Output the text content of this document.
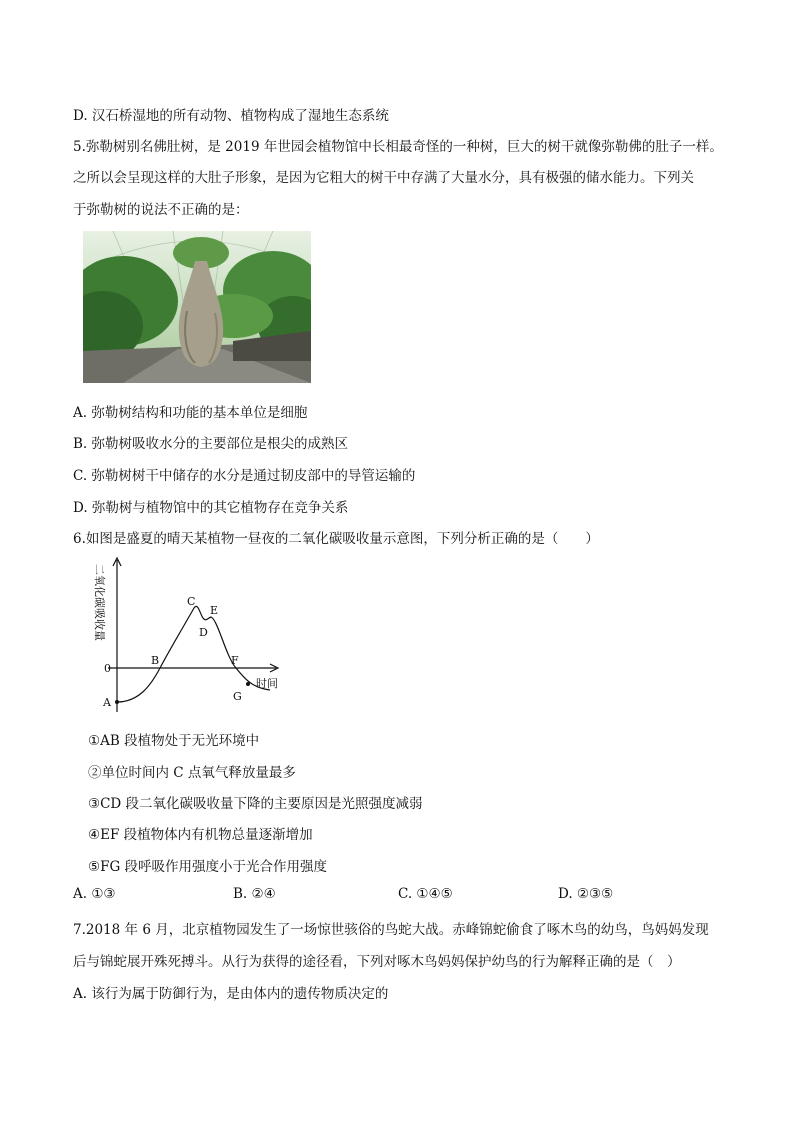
D. 汉石桥湿地的所有动物、植物构成了湿地生态系统
5.弥勒树别名佛肚树，是 2019 年世园会植物馆中长相最奇怪的一种树，巨大的树干就像弥勒佛的肚子一样。
之所以会呈现这样的大肚子形象，是因为它粗大的树干中存满了大量水分，具有极强的储水能力。下列关
于弥勒树的说法不正确的是：
A. 弥勒树结构和功能的基本单位是细胞
B. 弥勒树吸收水分的主要部位是根尖的成熟区
C. 弥勒树树干中储存的水分是通过韧皮部中的导管运输的
D. 弥勒树与植物馆中的其它植物存在竞争关系
6.如图是盛夏的晴天某植物一昼夜的二氧化碳吸收量示意图，下列分析正确的是（　　）
二氧化碳吸收量
时间
0
A
B
C
D
E
F
G
①AB 段植物处于无光环境中
②单位时间内 C 点氧气释放量最多
③CD 段二氧化碳吸收量下降的主要原因是光照强度减弱
④EF 段植物体内有机物总量逐渐增加
⑤FG 段呼吸作用强度小于光合作用强度
A. ①③	B. ②④	C. ①④⑤	D. ②③⑤
7.2018 年 6 月，北京植物园发生了一场惊世骇俗的鸟蛇大战。赤峰锦蛇偷食了啄木鸟的幼鸟，鸟妈妈发现
后与锦蛇展开殊死搏斗。从行为获得的途径看，下列对啄木鸟妈妈保护幼鸟的行为解释正确的是（　）
A. 该行为属于防御行为，是由体内的遗传物质决定的
